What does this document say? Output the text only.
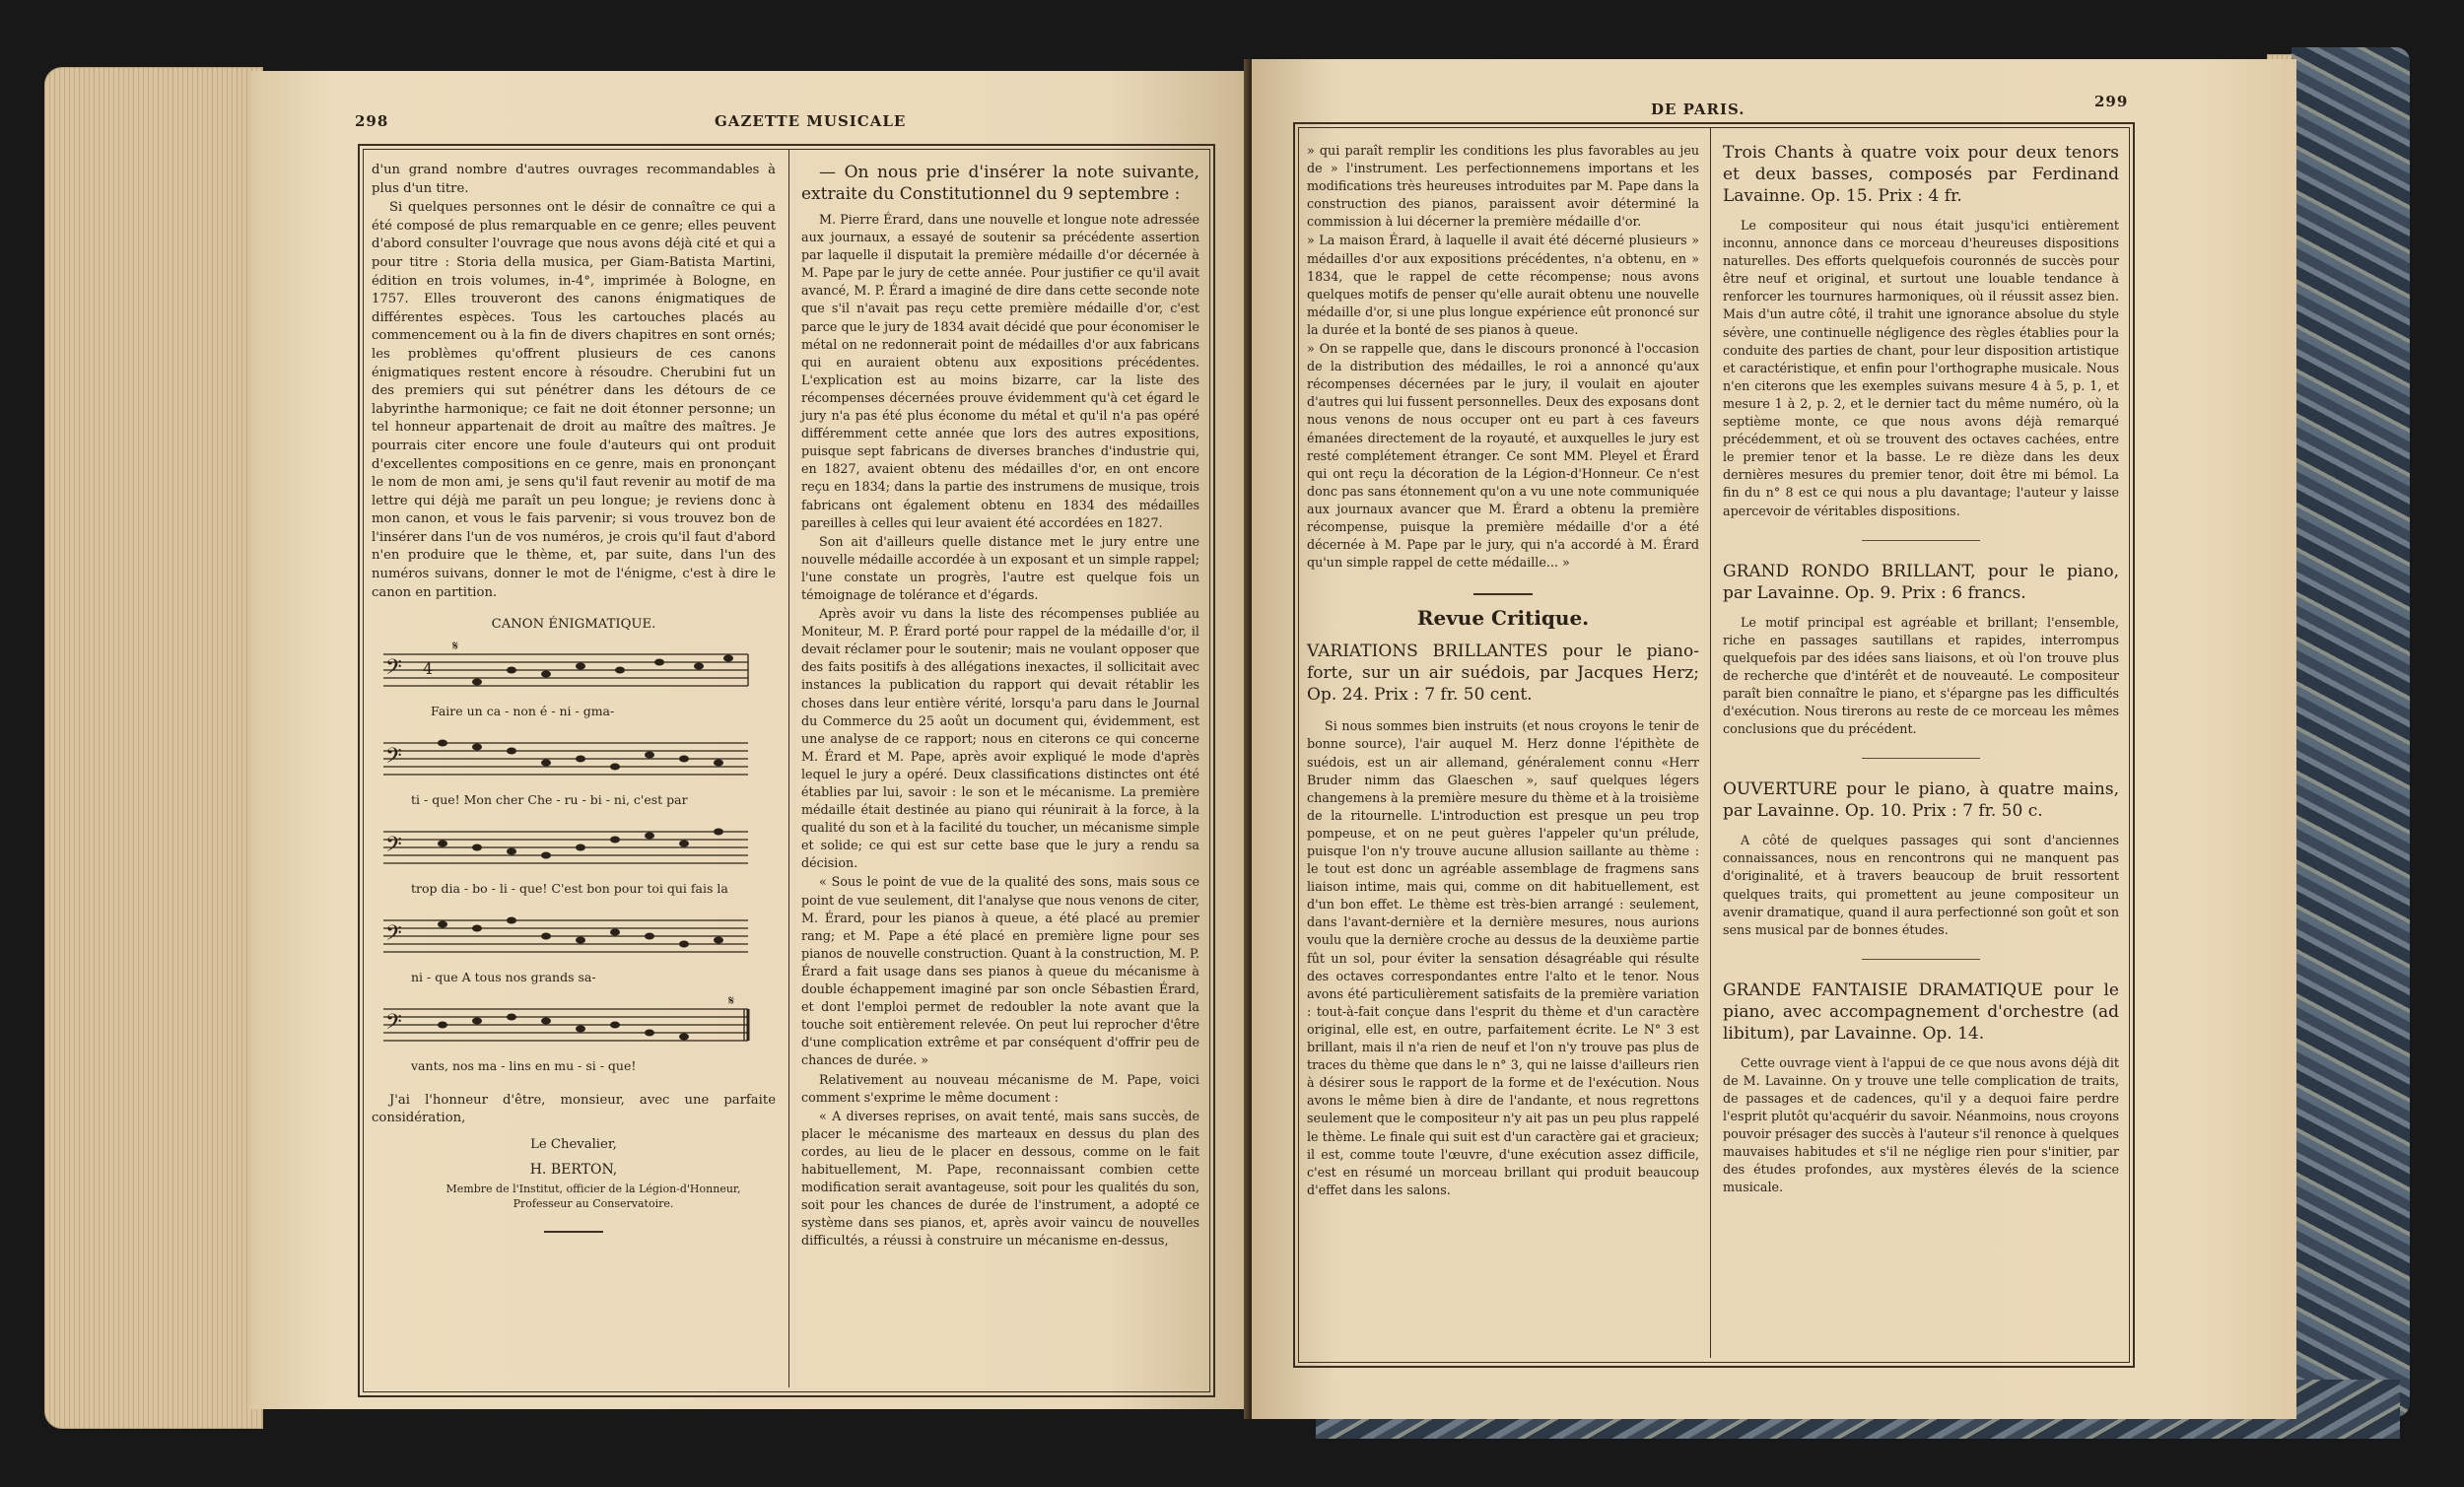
298	GAZETTE MUSICALE

d'un grand nombre d'autres ouvrages recommandables à plus d'un titre.

Si quelques personnes ont le désir de connaître ce qui a été composé de plus remarquable en ce genre; elles peuvent d'abord consulter l'ouvrage que nous avons déjà cité et qui a pour titre : Storia della musica, per Giam-Batista Martini, édition en trois volumes, in-4°, imprimée à Bologne, en 1757. Elles trouveront des canons énigmatiques de différentes espèces. Tous les cartouches placés au commencement ou à la fin de divers chapitres en sont ornés; les problèmes qu'offrent plusieurs de ces canons énigmatiques restent encore à résoudre. Cherubini fut un des premiers qui sut pénétrer dans les détours de ce labyrinthe harmonique; ce fait ne doit étonner personne; un tel honneur appartenait de droit au maître des maîtres. Je pourrais citer encore une foule d'auteurs qui ont produit d'excellentes compositions en ce genre, mais en prononçant le nom de mon ami, je sens qu'il faut revenir au motif de ma lettre qui déjà me paraît un peu longue; je reviens donc à mon canon, et vous le fais parvenir; si vous trouvez bon de l'insérer dans l'un de vos numéros, je crois qu'il faut d'abord n'en produire que le thème, et, par suite, dans l'un des numéros suivans, donner le mot de l'énigme, c'est à dire le canon en partition.

CANON ÉNIGMATIQUE.

𝄢 4
𝄋
Faire un ca - non é - ni - gma-
𝄢
ti - que! Mon cher Che - ru - bi - ni, c'est par
𝄢
trop dia - bo - li - que! C'est bon pour toi qui fais la
𝄢
ni - que A tous nos grands sa-
𝄢
𝄋
vants, nos ma - lins en mu - si - que!

J'ai l'honneur d'être, monsieur, avec une parfaite considération,

Le Chevalier,

H. BERTON,

Membre de l'Institut, officier de la Légion-d'Honneur, Professeur au Conservatoire.

— On nous prie d'insérer la note suivante, extraite du Constitutionnel du 9 septembre :

M. Pierre Érard, dans une nouvelle et longue note adressée aux journaux, a essayé de soutenir sa précédente assertion par laquelle il disputait la première médaille d'or décernée à M. Pape par le jury de cette année. Pour justifier ce qu'il avait avancé, M. P. Érard a imaginé de dire dans cette seconde note que s'il n'avait pas reçu cette première médaille d'or, c'est parce que le jury de 1834 avait décidé que pour économiser le métal on ne redonnerait point de médailles d'or aux fabricans qui en auraient obtenu aux expositions précédentes. L'explication est au moins bizarre, car la liste des récompenses décernées prouve évidemment qu'à cet égard le jury n'a pas été plus économe du métal et qu'il n'a pas opéré différemment cette année que lors des autres expositions, puisque sept fabricans de diverses branches d'industrie qui, en 1827, avaient obtenu des médailles d'or, en ont encore reçu en 1834; dans la partie des instrumens de musique, trois fabricans ont également obtenu en 1834 des médailles pareilles à celles qui leur avaient été accordées en 1827.

Son ait d'ailleurs quelle distance met le jury entre une nouvelle médaille accordée à un exposant et un simple rappel; l'une constate un progrès, l'autre est quelque fois un témoignage de tolérance et d'égards.

Après avoir vu dans la liste des récompenses publiée au Moniteur, M. P. Érard porté pour rappel de la médaille d'or, il devait réclamer pour le soutenir; mais ne voulant opposer que des faits positifs à des allégations inexactes, il sollicitait avec instances la publication du rapport qui devait rétablir les choses dans leur entière vérité, lorsqu'a paru dans le Journal du Commerce du 25 août un document qui, évidemment, est une analyse de ce rapport; nous en citerons ce qui concerne M. Érard et M. Pape, après avoir expliqué le mode d'après lequel le jury a opéré. Deux classifications distinctes ont été établies par lui, savoir : le son et le mécanisme. La première médaille était destinée au piano qui réunirait à la force, à la qualité du son et à la facilité du toucher, un mécanisme simple et solide; ce qui est sur cette base que le jury a rendu sa décision.

« Sous le point de vue de la qualité des sons, mais sous ce point de vue seulement, dit l'analyse que nous venons de citer, M. Érard, pour les pianos à queue, a été placé au premier rang; et M. Pape a été placé en première ligne pour ses pianos de nouvelle construction. Quant à la construction, M. P. Érard a fait usage dans ses pianos à queue du mécanisme à double échappement imaginé par son oncle Sébastien Érard, et dont l'emploi permet de redoubler la note avant que la touche soit entièrement relevée. On peut lui reprocher d'être d'une complication extrême et par conséquent d'offrir peu de chances de durée. »

Relativement au nouveau mécanisme de M. Pape, voici comment s'exprime le même document :

« A diverses reprises, on avait tenté, mais sans succès, de placer le mécanisme des marteaux en dessus du plan des cordes, au lieu de le placer en dessous, comme on le fait habituellement, M. Pape, reconnaissant combien cette modification serait avantageuse, soit pour les qualités du son, soit pour les chances de durée de l'instrument, a adopté ce système dans ses pianos, et, après avoir vaincu de nouvelles difficultés, a réussi à construire un mécanisme en-dessus,

DE PARIS.	299

» qui paraît remplir les conditions les plus favorables au jeu de » l'instrument. Les perfectionnemens importans et les modifications très heureuses introduites par M. Pape dans la construction des pianos, paraissent avoir déterminé la commission à lui décerner la première médaille d'or.

» La maison Érard, à laquelle il avait été décerné plusieurs » médailles d'or aux expositions précédentes, n'a obtenu, en » 1834, que le rappel de cette récompense; nous avons quelques motifs de penser qu'elle aurait obtenu une nouvelle médaille d'or, si une plus longue expérience eût prononcé sur la durée et la bonté de ses pianos à queue.

» On se rappelle que, dans le discours prononcé à l'occasion de la distribution des médailles, le roi a annoncé qu'aux récompenses décernées par le jury, il voulait en ajouter d'autres qui lui fussent personnelles. Deux des exposans dont nous venons de nous occuper ont eu part à ces faveurs émanées directement de la royauté, et auxquelles le jury est resté complétement étranger. Ce sont MM. Pleyel et Érard qui ont reçu la décoration de la Légion-d'Honneur. Ce n'est donc pas sans étonnement qu'on a vu une note communiquée aux journaux avancer que M. Érard a obtenu la première récompense, puisque la première médaille d'or a été décernée à M. Pape par le jury, qui n'a accordé à M. Érard qu'un simple rappel de cette médaille... »

Revue Critique.

VARIATIONS BRILLANTES pour le piano-forte, sur un air suédois, par Jacques Herz; Op. 24. Prix : 7 fr. 50 cent.

Si nous sommes bien instruits (et nous croyons le tenir de bonne source), l'air auquel M. Herz donne l'épithète de suédois, est un air allemand, généralement connu «Herr Bruder nimm das Glaeschen », sauf quelques légers changemens à la première mesure du thème et à la troisième de la ritournelle. L'introduction est presque un peu trop pompeuse, et on ne peut guères l'appeler qu'un prélude, puisque l'on n'y trouve aucune allusion saillante au thème : le tout est donc un agréable assemblage de fragmens sans liaison intime, mais qui, comme on dit habituellement, est d'un bon effet. Le thème est très-bien arrangé : seulement, dans l'avant-dernière et la dernière mesures, nous aurions voulu que la dernière croche au dessus de la deuxième partie fût un sol, pour éviter la sensation désagréable qui résulte des octaves correspondantes entre l'alto et le tenor. Nous avons été particulièrement satisfaits de la première variation : tout-à-fait conçue dans l'esprit du thème et d'un caractère original, elle est, en outre, parfaitement écrite. Le N° 3 est brillant, mais il n'a rien de neuf et l'on n'y trouve pas plus de traces du thème que dans le n° 3, qui ne laisse d'ailleurs rien à désirer sous le rapport de la forme et de l'exécution. Nous avons le même bien à dire de l'andante, et nous regrettons seulement que le compositeur n'y ait pas un peu plus rappelé le thème. Le finale qui suit est d'un caractère gai et gracieux; il est, comme toute l'œuvre, d'une exécution assez difficile, c'est en résumé un morceau brillant qui produit beaucoup d'effet dans les salons.

Trois Chants à quatre voix pour deux tenors et deux basses, composés par Ferdinand Lavainne. Op. 15. Prix : 4 fr.

Le compositeur qui nous était jusqu'ici entièrement inconnu, annonce dans ce morceau d'heureuses dispositions naturelles. Des efforts quelquefois couronnés de succès pour être neuf et original, et surtout une louable tendance à renforcer les tournures harmoniques, où il réussit assez bien. Mais d'un autre côté, il trahit une ignorance absolue du style sévère, une continuelle négligence des règles établies pour la conduite des parties de chant, pour leur disposition artistique et caractéristique, et enfin pour l'orthographe musicale. Nous n'en citerons que les exemples suivans mesure 4 à 5, p. 1, et mesure 1 à 2, p. 2, et le dernier tact du même numéro, où la septième monte, ce que nous avons déjà remarqué précédemment, et où se trouvent des octaves cachées, entre le premier tenor et la basse. Le re dièze dans les deux dernières mesures du premier tenor, doit être mi bémol. La fin du n° 8 est ce qui nous a plu davantage; l'auteur y laisse apercevoir de véritables dispositions.

GRAND RONDO BRILLANT, pour le piano, par Lavainne. Op. 9. Prix : 6 francs.

Le motif principal est agréable et brillant; l'ensemble, riche en passages sautillans et rapides, interrompus quelquefois par des idées sans liaisons, et où l'on trouve plus de recherche que d'intérêt et de nouveauté. Le compositeur paraît bien connaître le piano, et s'épargne pas les difficultés d'exécution. Nous tirerons au reste de ce morceau les mêmes conclusions que du précédent.

OUVERTURE pour le piano, à quatre mains, par Lavainne. Op. 10. Prix : 7 fr. 50 c.

A côté de quelques passages qui sont d'anciennes connaissances, nous en rencontrons qui ne manquent pas d'originalité, et à travers beaucoup de bruit ressortent quelques traits, qui promettent au jeune compositeur un avenir dramatique, quand il aura perfectionné son goût et son sens musical par de bonnes études.

GRANDE FANTAISIE DRAMATIQUE pour le piano, avec accompagnement d'orchestre (ad libitum), par Lavainne. Op. 14.

Cette ouvrage vient à l'appui de ce que nous avons déjà dit de M. Lavainne. On y trouve une telle complication de traits, de passages et de cadences, qu'il y a dequoi faire perdre l'esprit plutôt qu'acquérir du savoir. Néanmoins, nous croyons pouvoir présager des succès à l'auteur s'il renonce à quelques mauvaises habitudes et s'il ne néglige rien pour s'initier, par des études profondes, aux mystères élevés de la science musicale.
